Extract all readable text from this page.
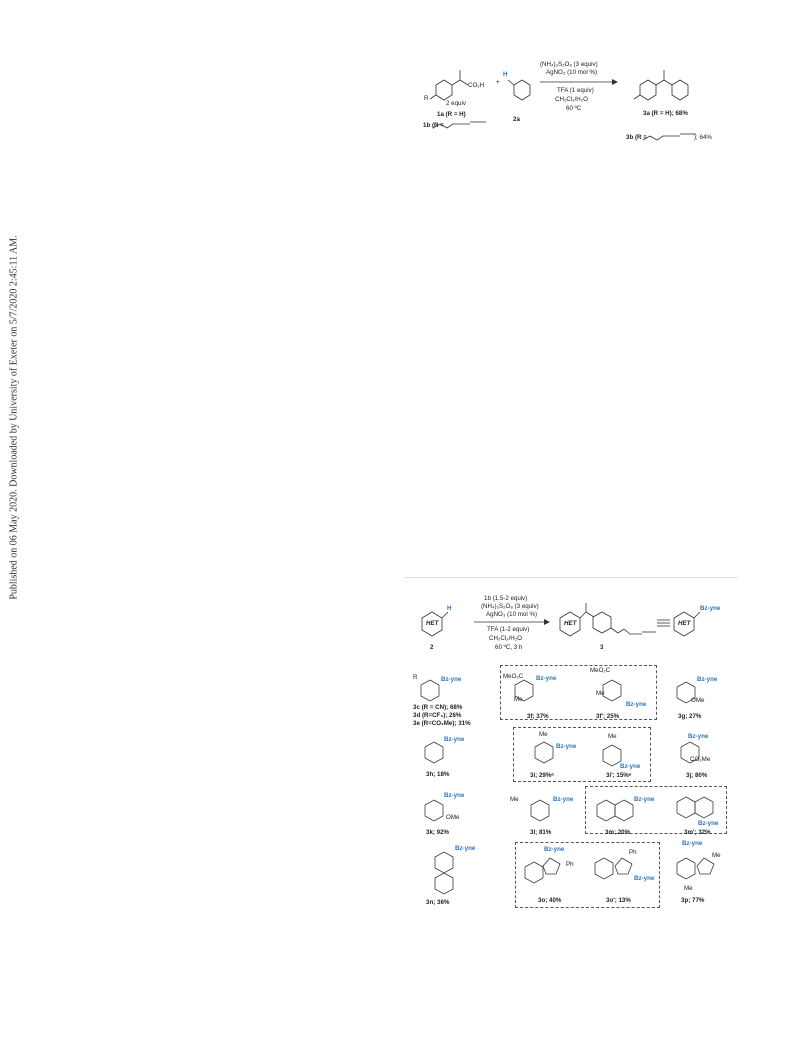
Published on 06 May 2020. Downloaded by University of Exeter on 5/7/2020 2:45:11 AM.
R
CO₂H +
2 equiv
H
(NH₄)₂S₂O₈ (3 equiv)
AgNO₃ (10 mol %)
TFA (1 equiv)
CH₂Cl₂/H₂O
60 ºC
1a (R = H)
1b (R =
2a
3a (R = H); 68%
3b (R =	); 64%
HET
H
1b (1.5-2 equiv)
(NH₄)₂S₂O₈ (3 equiv)
AgNO₃ (10 mol %)
TFA (1-2 equiv)
CH₂Cl₂/H₂O
60 ºC, 3 h
2
HET
3
HET
Bz-yne
R	Bz-yne
3c (R = CN); 68%
3d (R=CF₃); 26%
3e (R=CO₂Me); 31%
MeO₂C
Me
Bz-yne
3f; 37%
MeO₂C
Me
Bz-yne
3f'; 25%
Bz-yne
OMe
3g; 27%
Bz-yne
3h; 18%
Me
Bz-yne
3i; 29%ᵃ
Me
Bz-yne
3i'; 15%ᵃ
Bz-yne
CO₂Me
3j; 80%
Bz-yne
OMe
3k; 92%
Me	Bz-yne
3l; 81%
Bz-yne
3m; 20%
Bz-yne
3m'; 32%
Bz-yne
3n; 36%
Bz-yne
Ph
3o; 40%
Ph
Bz-yne
3o'; 13%
Bz-yne
Me
Me
3p; 77%
